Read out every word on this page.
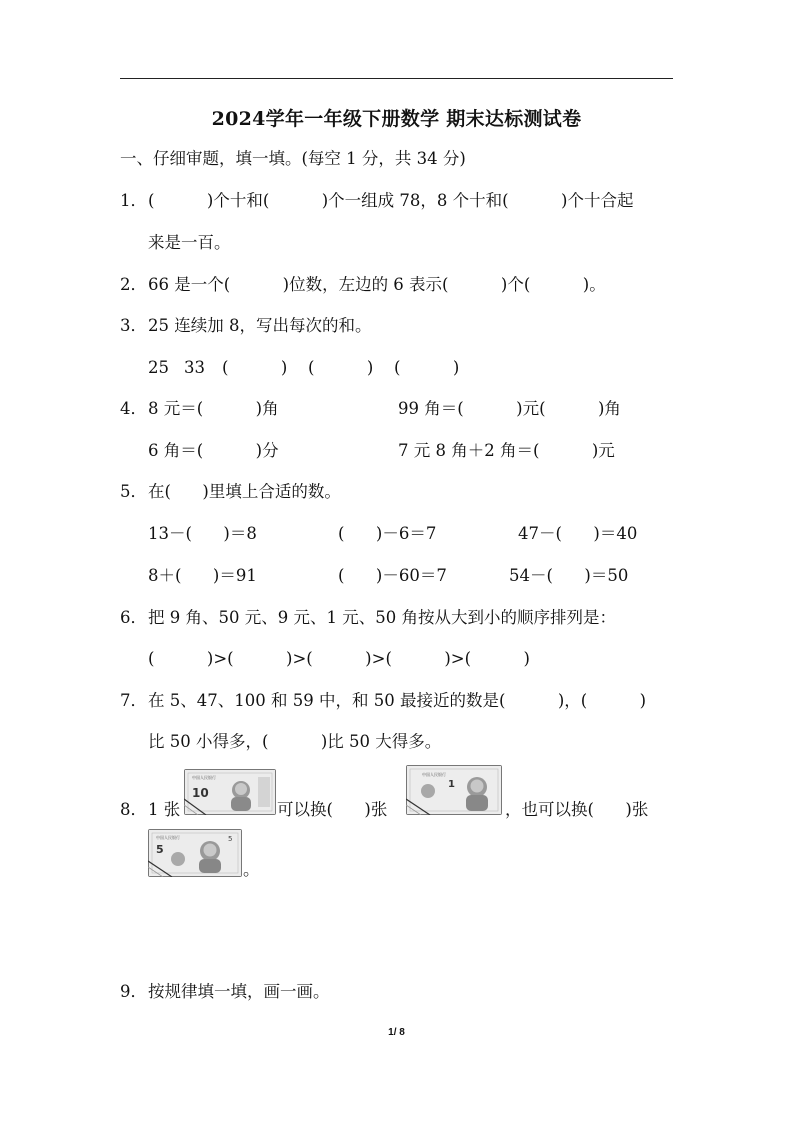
2024学年一年级下册数学 期末达标测试卷
一、仔细审题，填一填。(每空 1 分，共 34 分)
1． (          )个十和(          )个一组成 78，8 个十和(          )个十合起
来是一百。
2． 66 是一个(          )位数，左边的 6 表示(          )个(          )。
3． 25 连续加 8，写出每次的和。
25 33 (          ) (          ) (          )
4． 8 元＝(          )角	99 角＝(          )元(          )角
6 角＝(          )分	7 元 8 角＋2 角＝(          )元
5． 在(      )里填上合适的数。
13－(      )＝8	(      )－6＝7	47－(      )＝40
8＋(      )＝91	(      )－60＝7	54－(      )＝50
6． 把 9 角、50 元、9 元、1 元、50 角按从大到小的顺序排列是：
(          )>(          )>(          )>(          )>(          )
7． 在 5、47、100 和 59 中，和 50 最接近的数是(          )，(          )
比 50 小得多，(          )比 50 大得多。
8． 1 张
中国人民银行
10
可以换(      )张
中国人民银行
1
，也可以换(      )张
中国人民银行
5
5
。
9． 按规律填一填，画一画。
1/ 8
